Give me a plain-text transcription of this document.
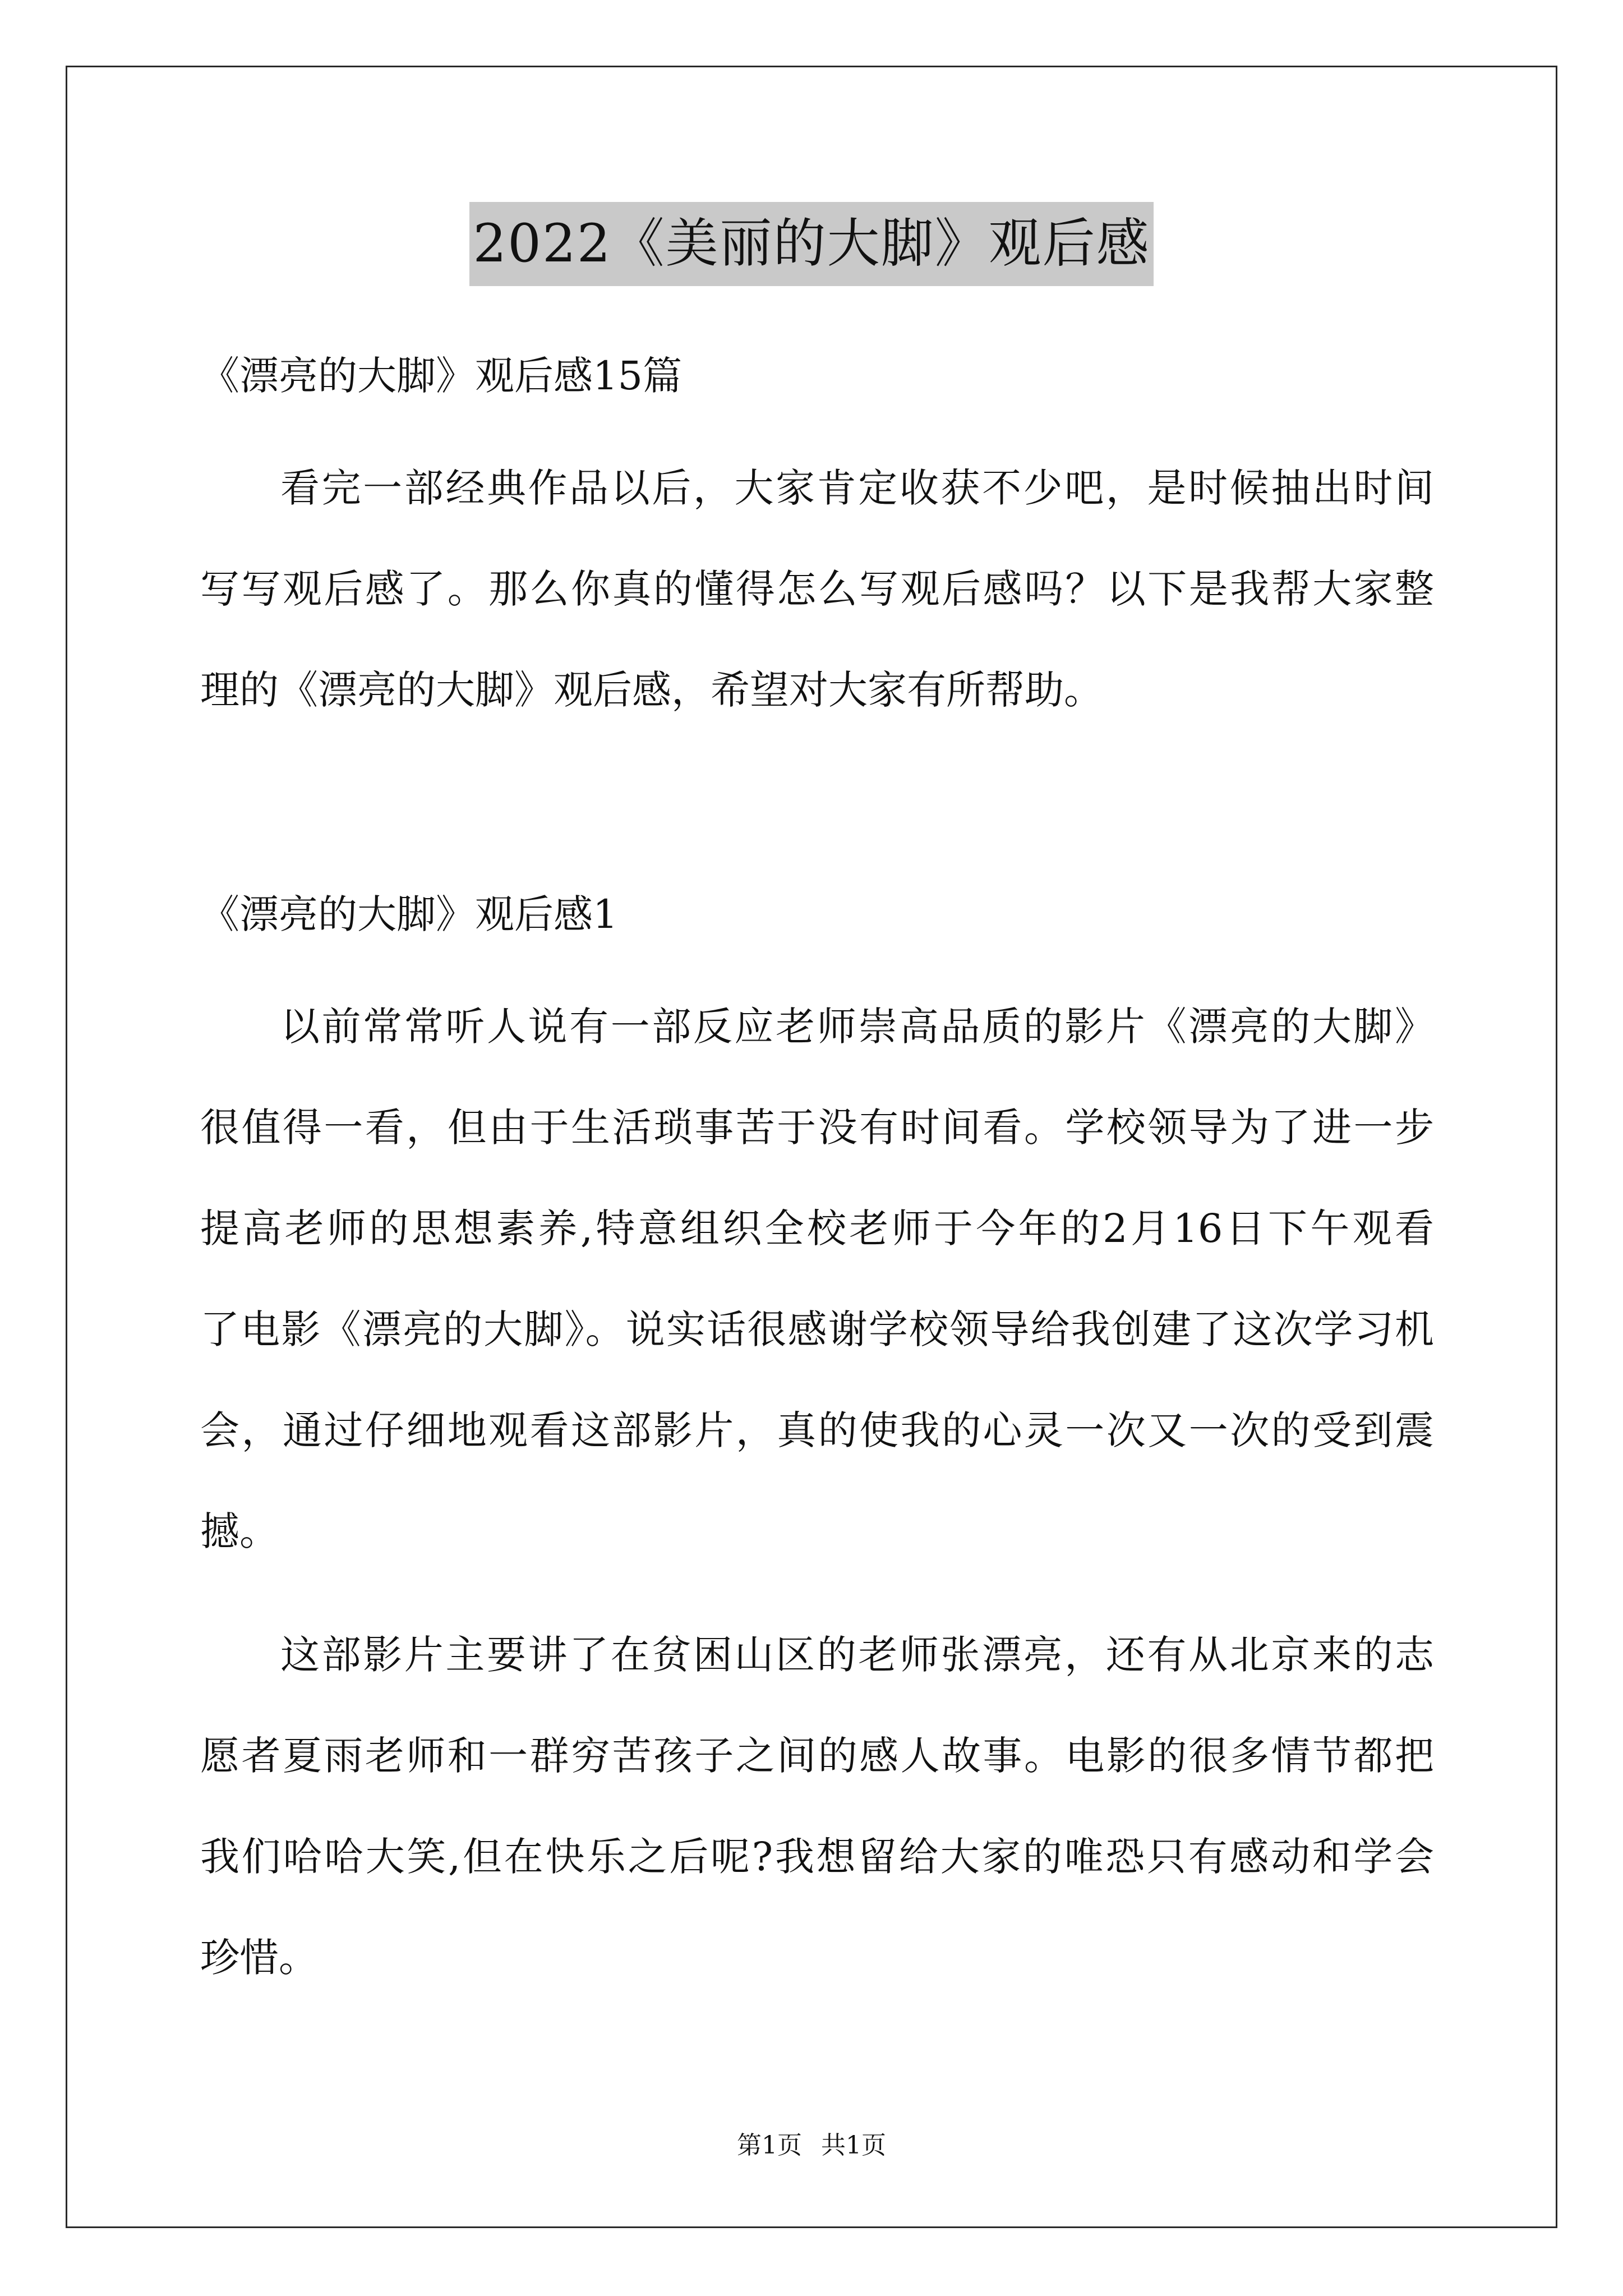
2022《美丽的大脚》观后感
《漂亮的大脚》观后感15篇
看完一部经典作品以后，大家肯定收获不少吧，是时候抽出时间
写写观后感了。那么你真的懂得怎么写观后感吗？以下是我帮大家整
理的《漂亮的大脚》观后感，希望对大家有所帮助。
《漂亮的大脚》观后感1
以前常常听人说有一部反应老师崇高品质的影片《漂亮的大脚》
很值得一看，但由于生活琐事苦于没有时间看。学校领导为了进一步
提高老师的思想素养,特意组织全校老师于今年的2月16日下午观看
了电影《漂亮的大脚》。说实话很感谢学校领导给我创建了这次学习机
会，通过仔细地观看这部影片，真的使我的心灵一次又一次的受到震
撼。
这部影片主要讲了在贫困山区的老师张漂亮，还有从北京来的志
愿者夏雨老师和一群穷苦孩子之间的感人故事。电影的很多情节都把
我们哈哈大笑,但在快乐之后呢?我想留给大家的唯恐只有感动和学会
珍惜。
第1页 共1页
